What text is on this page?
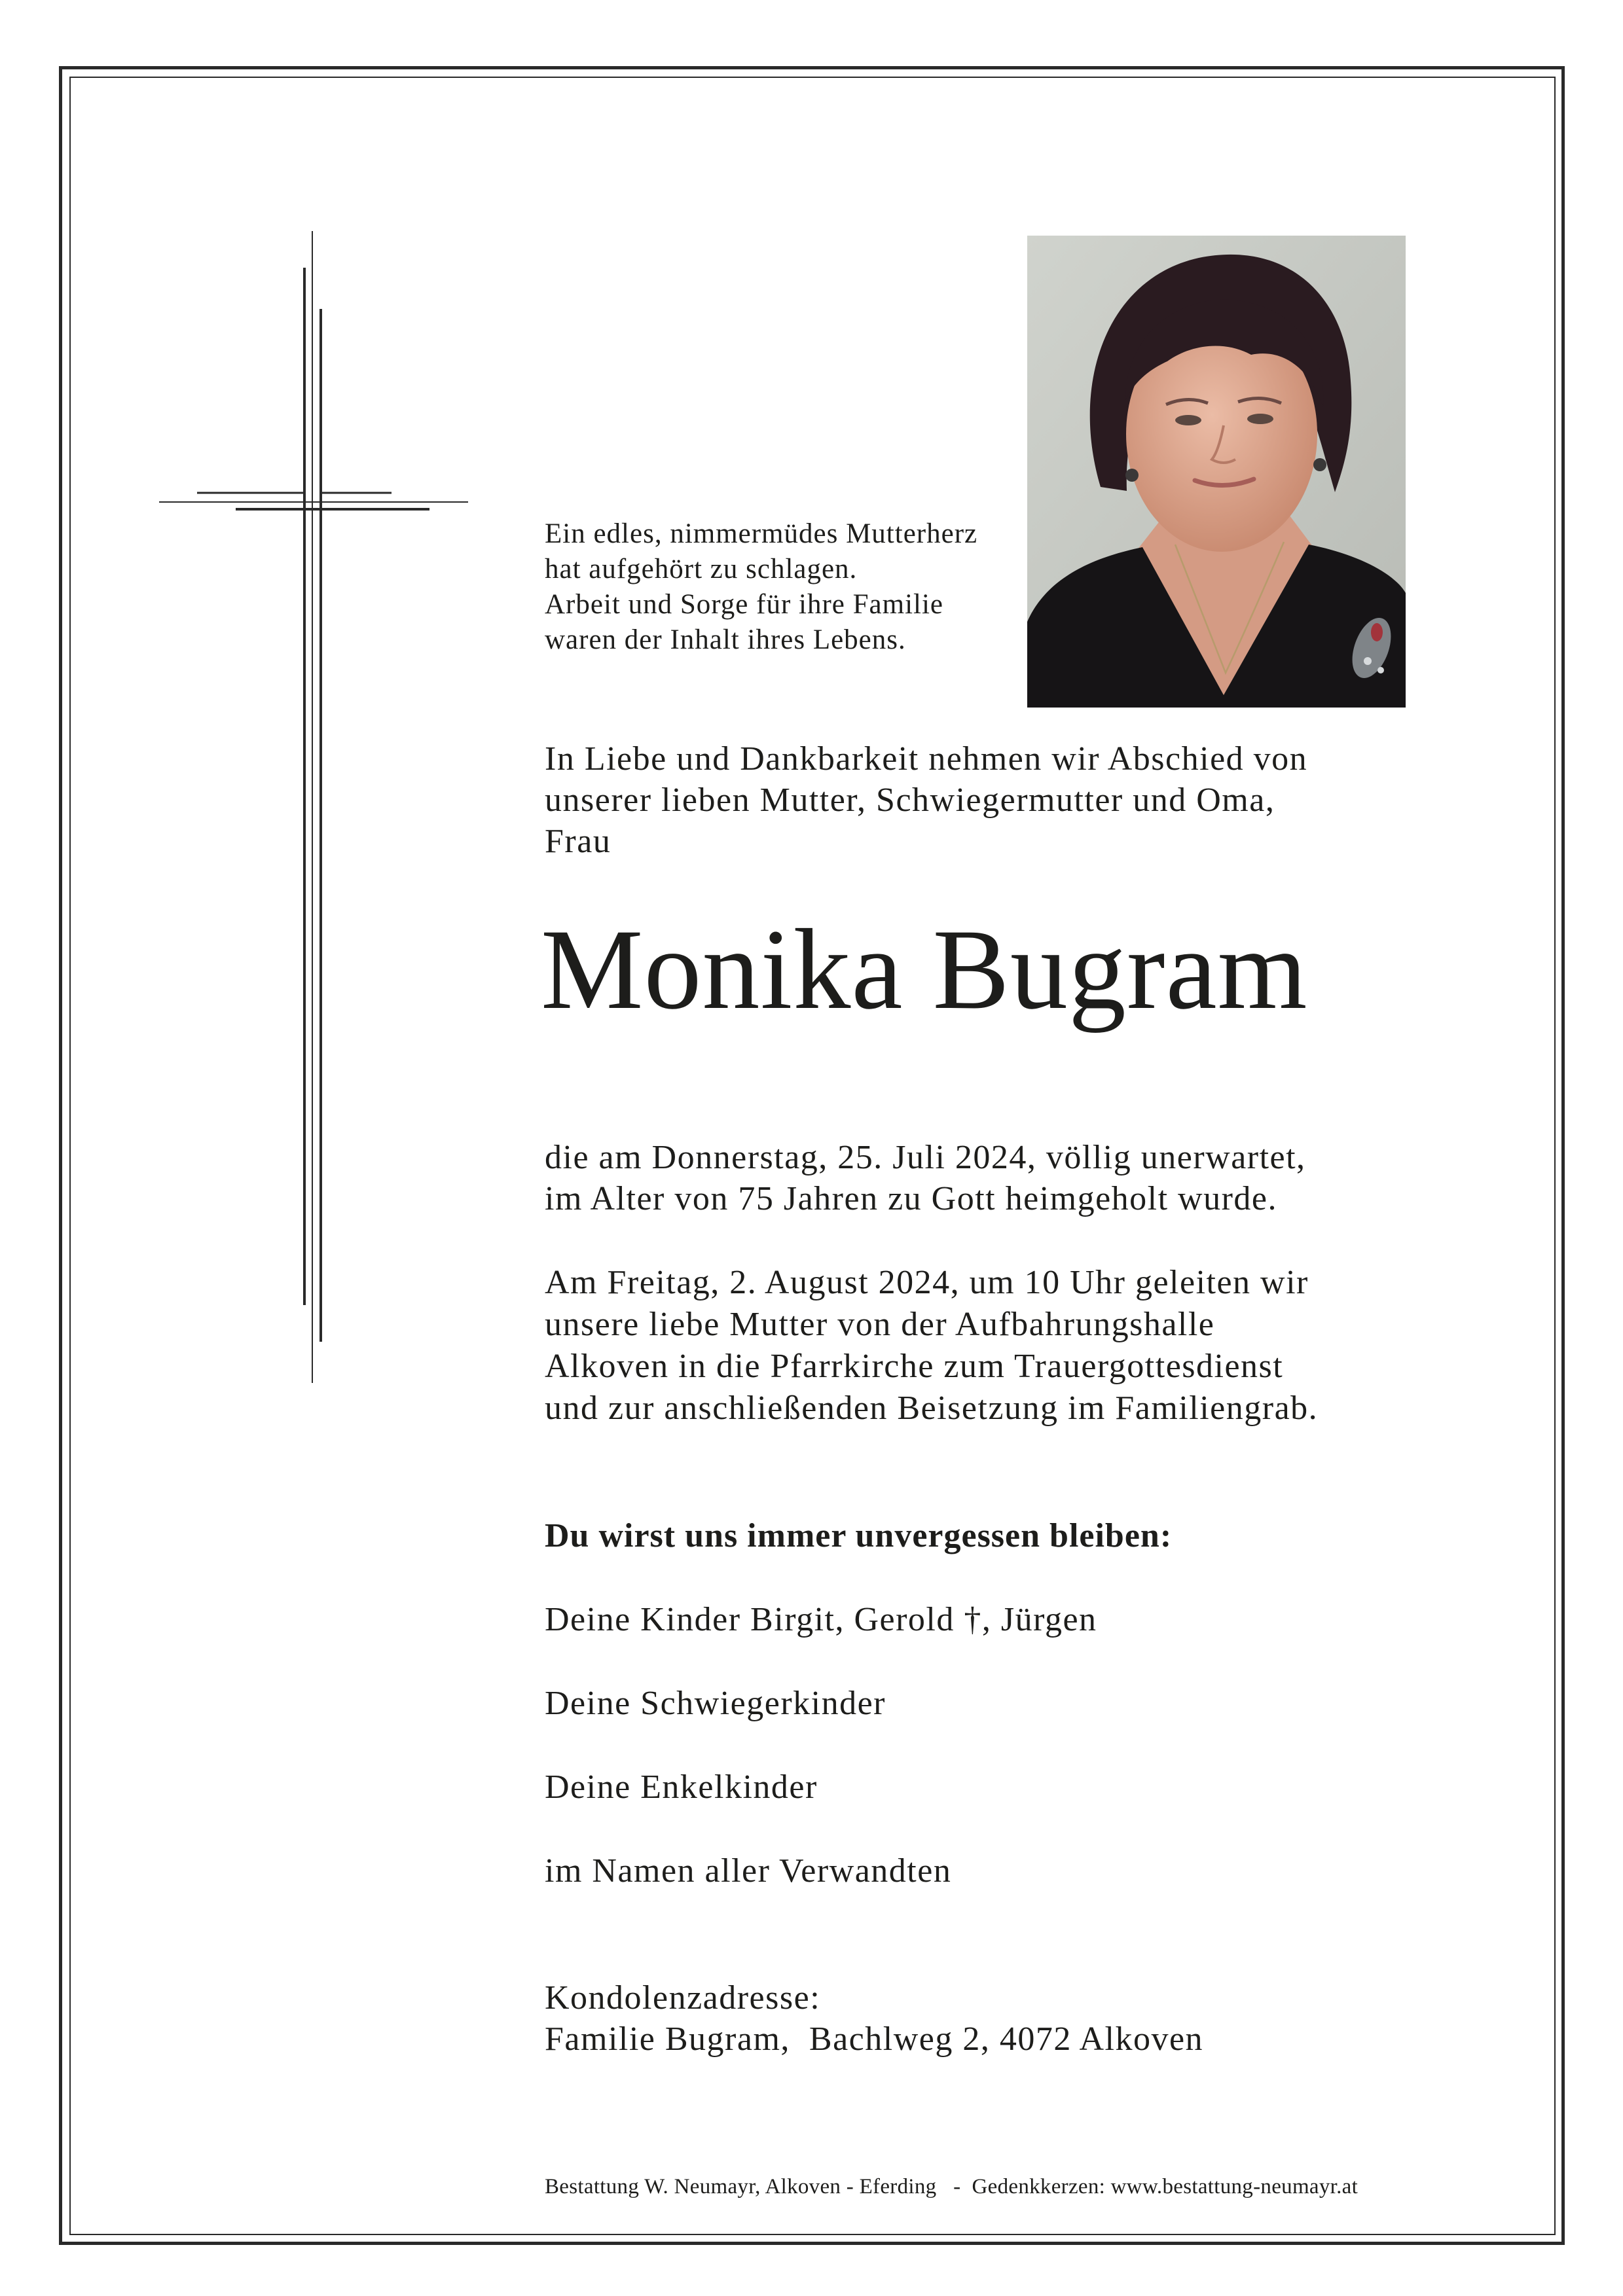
Ein edles, nimmermüdes Mutterherz
hat aufgehört zu schlagen.
Arbeit und Sorge für ihre Familie
waren der Inhalt ihres Lebens.
In Liebe und Dankbarkeit nehmen wir Abschied von
unserer lieben Mutter, Schwiegermutter und Oma,
Frau
Monika Bugram
die am Donnerstag, 25. Juli 2024, völlig unerwartet,
im Alter von 75 Jahren zu Gott heimgeholt wurde.
Am Freitag, 2. August 2024, um 10 Uhr geleiten wir
unsere liebe Mutter von der Aufbahrungshalle
Alkoven in die Pfarrkirche zum Trauergottesdienst
und zur anschließenden Beisetzung im Familiengrab.
Du wirst uns immer unvergessen bleiben:
Deine Kinder Birgit, Gerold †, Jürgen
Deine Schwiegerkinder
Deine Enkelkinder
im Namen aller Verwandten
Kondolenzadresse:
Familie Bugram,  Bachlweg 2, 4072 Alkoven
Bestattung W. Neumayr, Alkoven - Eferding   -  Gedenkkerzen: www.bestattung-neumayr.at
